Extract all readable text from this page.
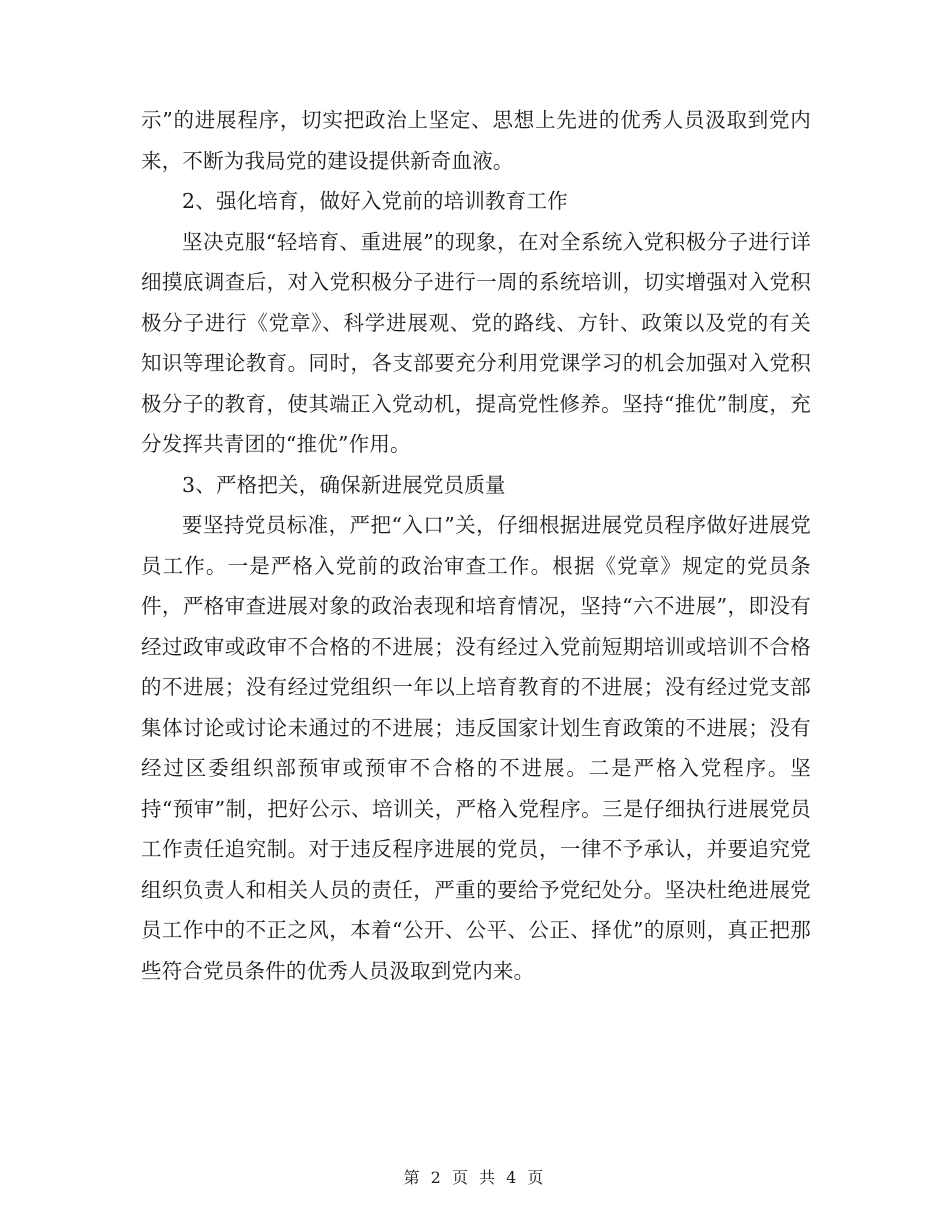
示”的进展程序，切实把政治上坚定、思想上先进的优秀人员汲取到党内来，不断为我局党的建设提供新奇血液。

2、强化培育，做好入党前的培训教育工作

坚决克服“轻培育、重进展”的现象，在对全系统入党积极分子进行详细摸底调查后，对入党积极分子进行一周的系统培训，切实增强对入党积极分子进行《党章》、科学进展观、党的路线、方针、政策以及党的有关知识等理论教育。同时，各支部要充分利用党课学习的机会加强对入党积极分子的教育，使其端正入党动机，提高党性修养。坚持“推优”制度，充分发挥共青团的“推优”作用。

3、严格把关，确保新进展党员质量

要坚持党员标准，严把“入口”关，仔细根据进展党员程序做好进展党员工作。一是严格入党前的政治审查工作。根据《党章》规定的党员条件，严格审查进展对象的政治表现和培育情况，坚持“六不进展”，即没有经过政审或政审不合格的不进展；没有经过入党前短期培训或培训不合格的不进展；没有经过党组织一年以上培育教育的不进展；没有经过党支部集体讨论或讨论未通过的不进展；违反国家计划生育政策的不进展；没有经过区委组织部预审或预审不合格的不进展。二是严格入党程序。坚持“预审”制，把好公示、培训关，严格入党程序。三是仔细执行进展党员工作责任追究制。对于违反程序进展的党员，一律不予承认，并要追究党组织负责人和相关人员的责任，严重的要给予党纪处分。坚决杜绝进展党员工作中的不正之风，本着“公开、公平、公正、择优”的原则，真正把那些符合党员条件的优秀人员汲取到党内来。

第 2 页 共 4 页
